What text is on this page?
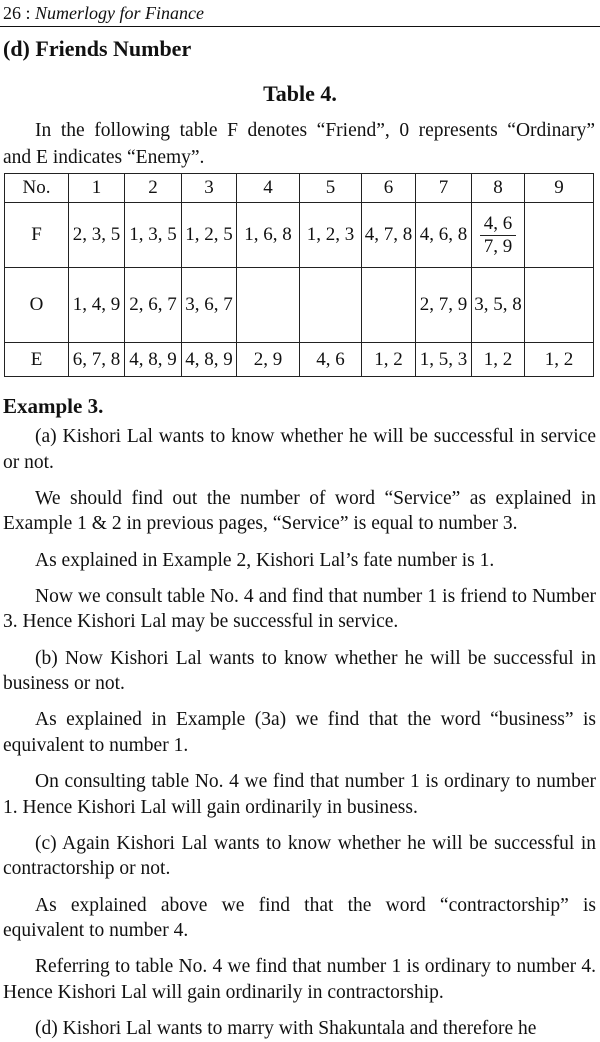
26 : Numerlogy for Finance
(d) Friends Number
Table 4.
In the following table F denotes “Friend”, 0 represents “Ordinary”
and E indicates “Enemy”.
No.	1	2	3	4	5	6	7	8	9
F	2, 3, 5	1, 3, 5	1, 2, 5	1, 6, 8	1, 2, 3	4, 7, 8	4, 6, 8	$\frac{4, 6}{7, 9}$

O	1, 4, 9	2, 6, 7	3, 6, 7				2, 7, 9	3, 5, 8	
E	6, 7, 8	4, 8, 9	4, 8, 9	2, 9	4, 6	1, 2	1, 5, 3	1, 2	1, 2
Example 3.

(a) Kishori Lal wants to know whether he will be successful in service or not.

We should find out the number of word “Service” as explained in Example 1 & 2 in previous pages, “Service” is equal to number 3.

As explained in Example 2, Kishori Lal’s fate number is 1.

Now we consult table No. 4 and find that number 1 is friend to Number 3. Hence Kishori Lal may be successful in service.

(b) Now Kishori Lal wants to know whether he will be successful in business or not.

As explained in Example (3a) we find that the word “business” is equivalent to number 1.

On consulting table No. 4 we find that number 1 is ordinary to number 1. Hence Kishori Lal will gain ordinarily in business.

(c) Again Kishori Lal wants to know whether he will be successful in contractorship or not.

As explained above we find that the word “contractorship” is equivalent to number 4.

Referring to table No. 4 we find that number 1 is ordinary to number 4. Hence Kishori Lal will gain ordinarily in contractorship.

(d) Kishori Lal wants to marry with Shakuntala and therefore he
